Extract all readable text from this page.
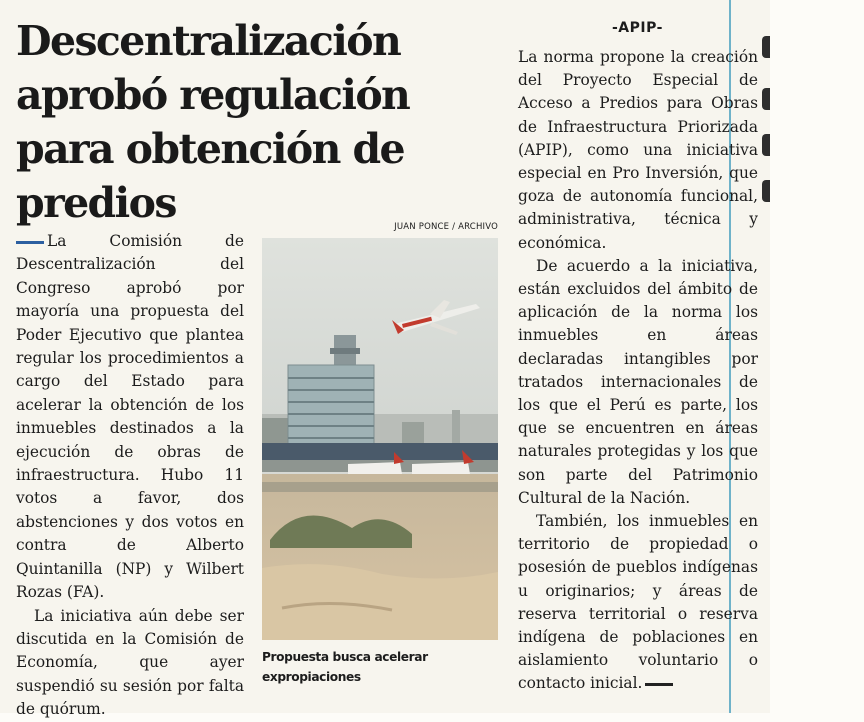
Descentralización aprobó regulación para obtención de predios

La Comisión de Descentralización del Congreso aprobó por mayoría una propuesta del Poder Ejecutivo que plantea regular los procedimientos a cargo del Estado para acelerar la obtención de los inmuebles destinados a la ejecución de obras de infraestructura. Hubo 11 votos a favor, dos abstenciones y dos votos en contra de Alberto Quintanilla (NP) y Wilbert Rozas (FA).

La iniciativa aún debe ser discutida en la Comisión de Economía, que ayer suspendió su sesión por falta de quórum.

JUAN PONCE / ARCHIVO
Propuesta busca acelerar expropiaciones
-APIP-

La norma propone la creación del Proyecto Especial de Acceso a Predios para Obras de Infraestructura Priorizada (APIP), como una iniciativa especial en Pro Inversión, que goza de autonomía funcional, administrativa, técnica y económica.

De acuerdo a la iniciativa, están excluidos del ámbito de aplicación de la norma los inmuebles en áreas declaradas intangibles por tratados internacionales de los que el Perú es parte, los que se encuentren en áreas naturales protegidas y los que son parte del Patrimonio Cultural de la Nación.

También, los inmuebles en territorio de propiedad o posesión de pueblos indígenas u originarios; y áreas de reserva territorial o reserva indígena de poblaciones en aislamiento voluntario o contacto inicial.
